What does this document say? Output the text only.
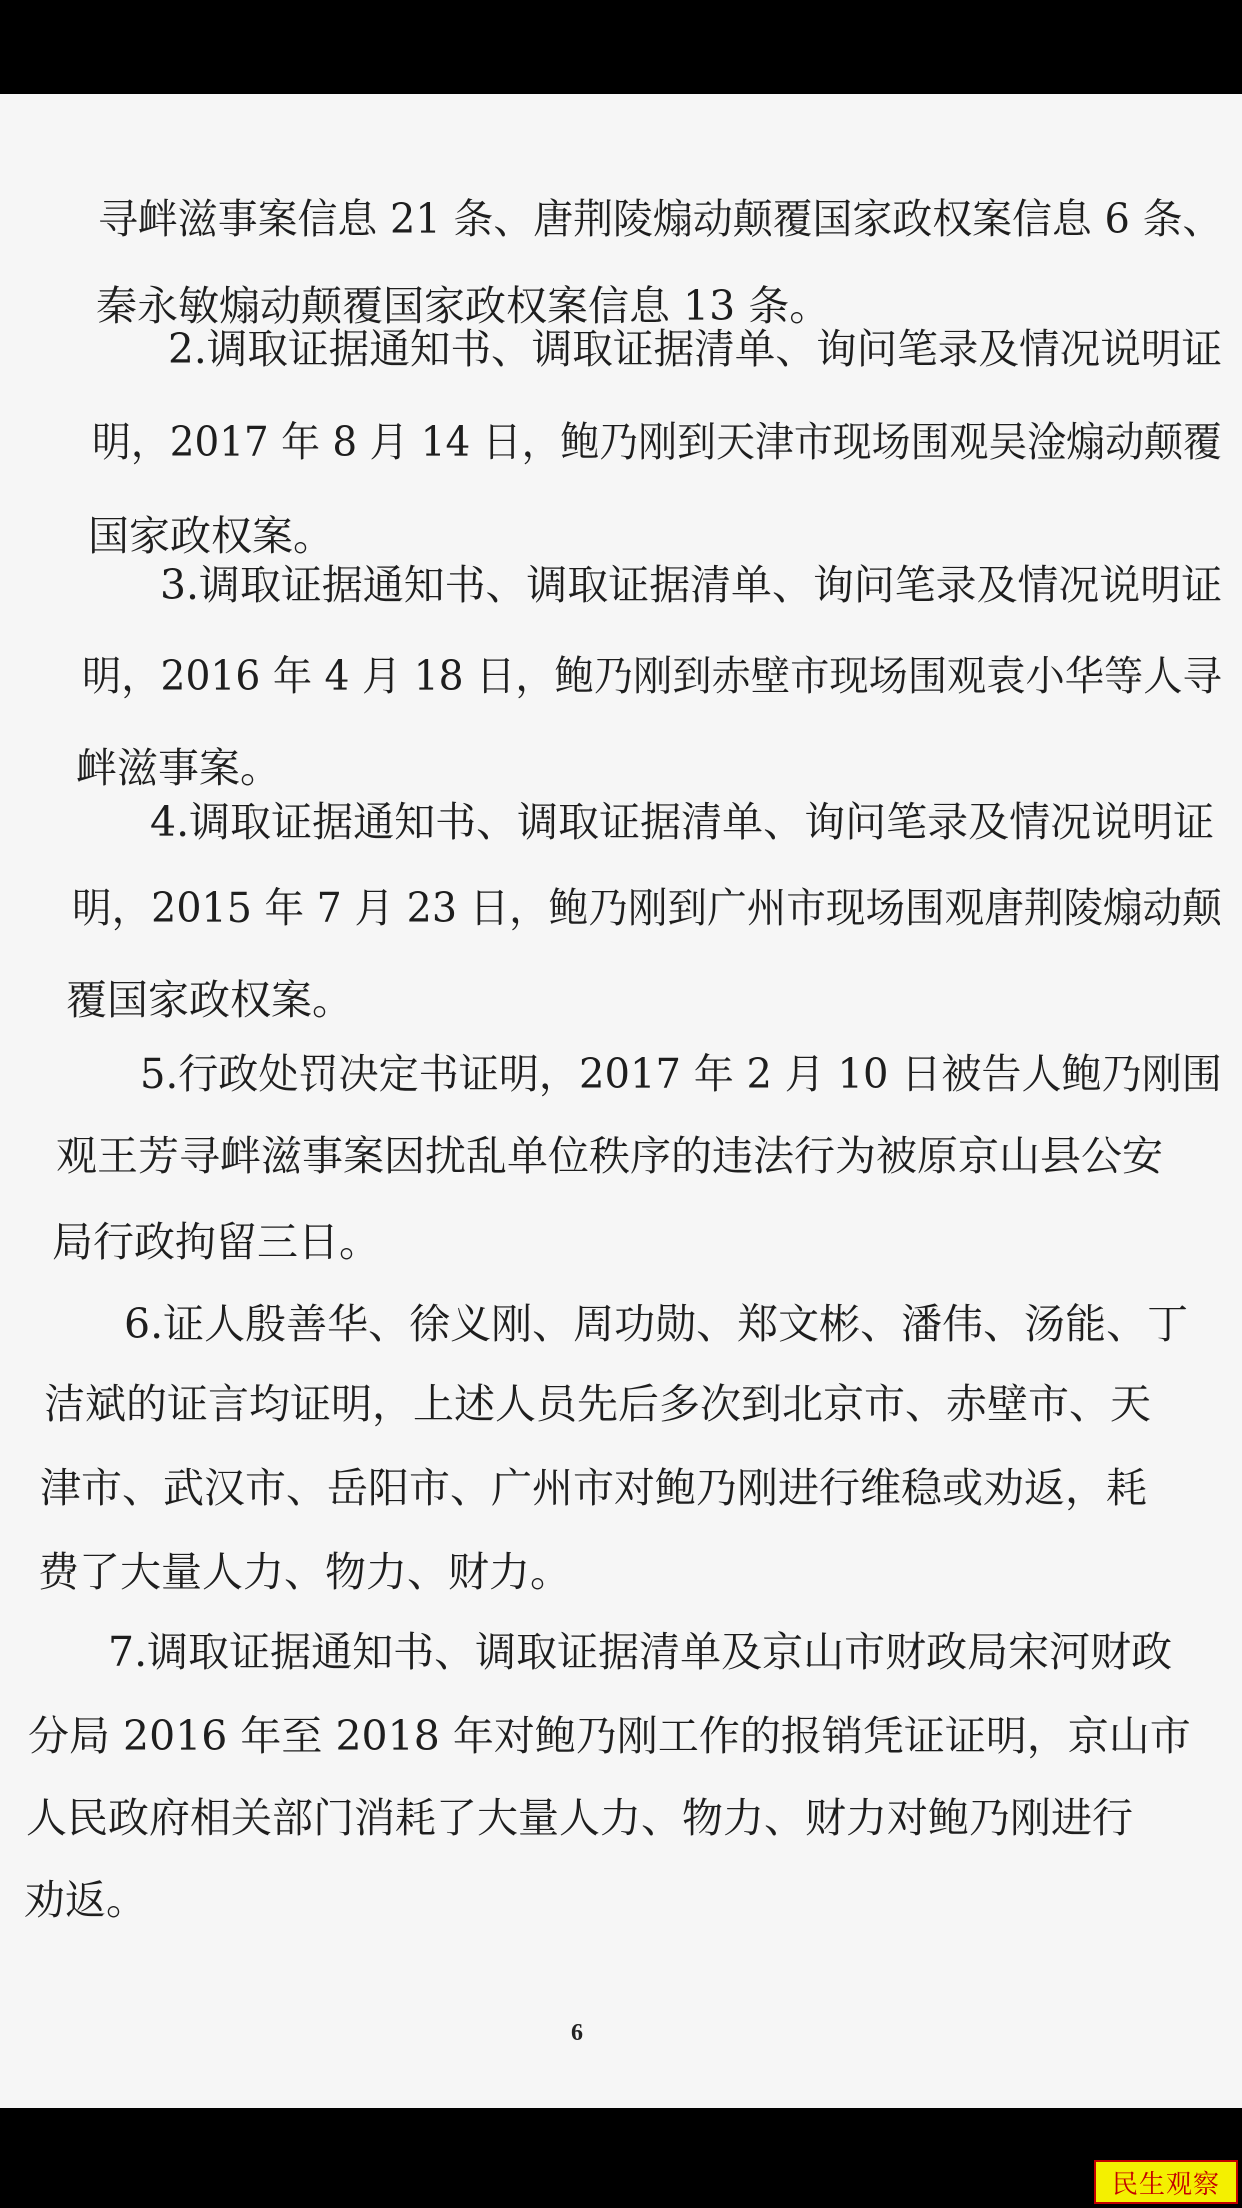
寻衅滋事案信息 21 条、唐荆陵煽动颠覆国家政权案信息 6 条、
秦永敏煽动颠覆国家政权案信息 13 条。
2.调取证据通知书、调取证据清单、询问笔录及情况说明证
明，2017 年 8 月 14 日，鲍乃刚到天津市现场围观吴淦煽动颠覆
国家政权案。
3.调取证据通知书、调取证据清单、询问笔录及情况说明证
明，2016 年 4 月 18 日，鲍乃刚到赤壁市现场围观袁小华等人寻
衅滋事案。
4.调取证据通知书、调取证据清单、询问笔录及情况说明证
明，2015 年 7 月 23 日，鲍乃刚到广州市现场围观唐荆陵煽动颠
覆国家政权案。
5.行政处罚决定书证明，2017 年 2 月 10 日被告人鲍乃刚围
观王芳寻衅滋事案因扰乱单位秩序的违法行为被原京山县公安
局行政拘留三日。
6.证人殷善华、徐义刚、周功勋、郑文彬、潘伟、汤能、丁
洁斌的证言均证明，上述人员先后多次到北京市、赤壁市、天
津市、武汉市、岳阳市、广州市对鲍乃刚进行维稳或劝返，耗
费了大量人力、物力、财力。
7.调取证据通知书、调取证据清单及京山市财政局宋河财政
分局 2016 年至 2018 年对鲍乃刚工作的报销凭证证明，京山市
人民政府相关部门消耗了大量人力、物力、财力对鲍乃刚进行
劝返。
6
民生观察
